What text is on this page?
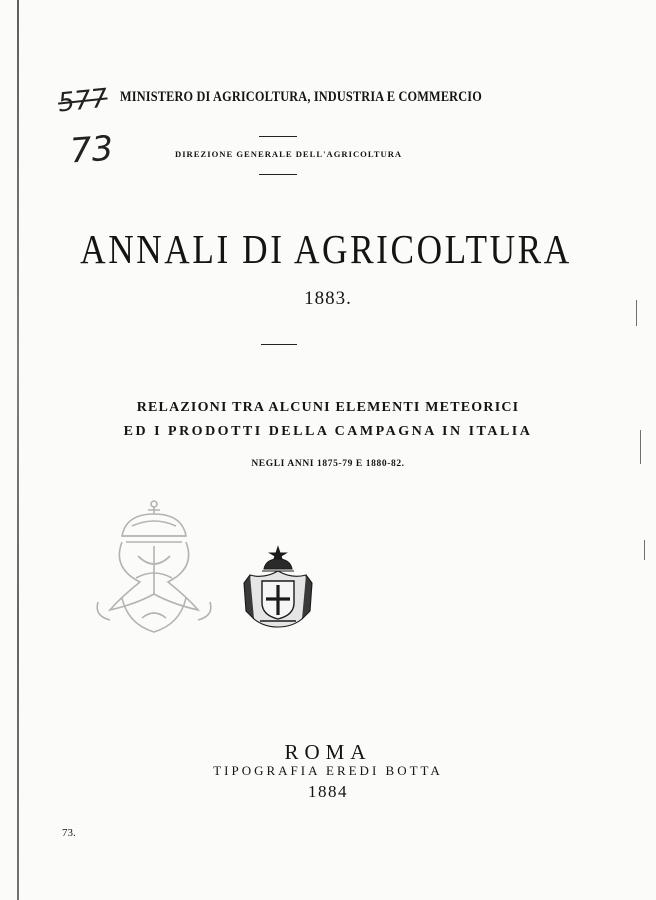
577
73
MINISTERO DI AGRICOLTURA, INDUSTRIA E COMMERCIO
DIREZIONE GENERALE DELL'AGRICOLTURA
ANNALI DI AGRICOLTURA
1883.
RELAZIONI TRA ALCUNI ELEMENTI METEORICI
ED I PRODOTTI DELLA CAMPAGNA IN ITALIA
NEGLI ANNI 1875-79 E 1880-82.
ROMA
TIPOGRAFIA EREDI BOTTA
1884
73.
